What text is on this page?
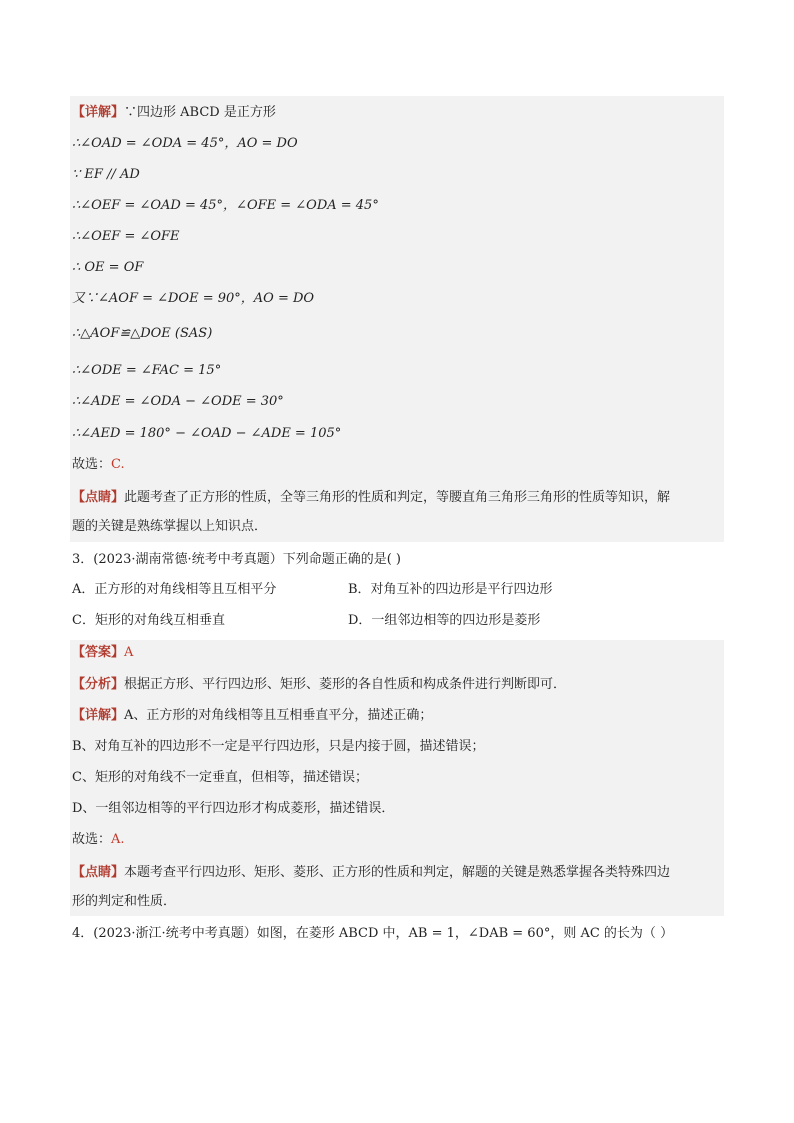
【详解】∵四边形 ABCD 是正方形
∴∠OAD = ∠ODA = 45°，AO = DO
∵ EF // AD
∴∠OEF = ∠OAD = 45°，∠OFE = ∠ODA = 45°
∴∠OEF = ∠OFE
∴ OE = OF
又∵∠AOF = ∠DOE = 90°，AO = DO
∴△AOF≌△DOE (SAS)
∴∠ODE = ∠FAC = 15°
∴∠ADE = ∠ODA − ∠ODE = 30°
∴∠AED = 180° − ∠OAD − ∠ADE = 105°
故选：C.
【点睛】此题考查了正方形的性质，全等三角形的性质和判定，等腰直角三角形三角形的性质等知识，解
题的关键是熟练掌握以上知识点．
3．(2023·湖南常德·统考中考真题）下列命题正确的是( )
A．正方形的对角线相等且互相平分	B．对角互补的四边形是平行四边形
C．矩形的对角线互相垂直	D．一组邻边相等的四边形是菱形
【答案】A
【分析】根据正方形、平行四边形、矩形、菱形的各自性质和构成条件进行判断即可．
【详解】A、正方形的对角线相等且互相垂直平分，描述正确；
B、对角互补的四边形不一定是平行四边形，只是内接于圆，描述错误；
C、矩形的对角线不一定垂直，但相等，描述错误；
D、一组邻边相等的平行四边形才构成菱形，描述错误．
故选：A.
【点睛】本题考查平行四边形、矩形、菱形、正方形的性质和判定，解题的关键是熟悉掌握各类特殊四边
形的判定和性质．
4．(2023·浙江·统考中考真题）如图，在菱形 ABCD 中，AB = 1，∠DAB = 60°，则 AC 的长为（ ）
